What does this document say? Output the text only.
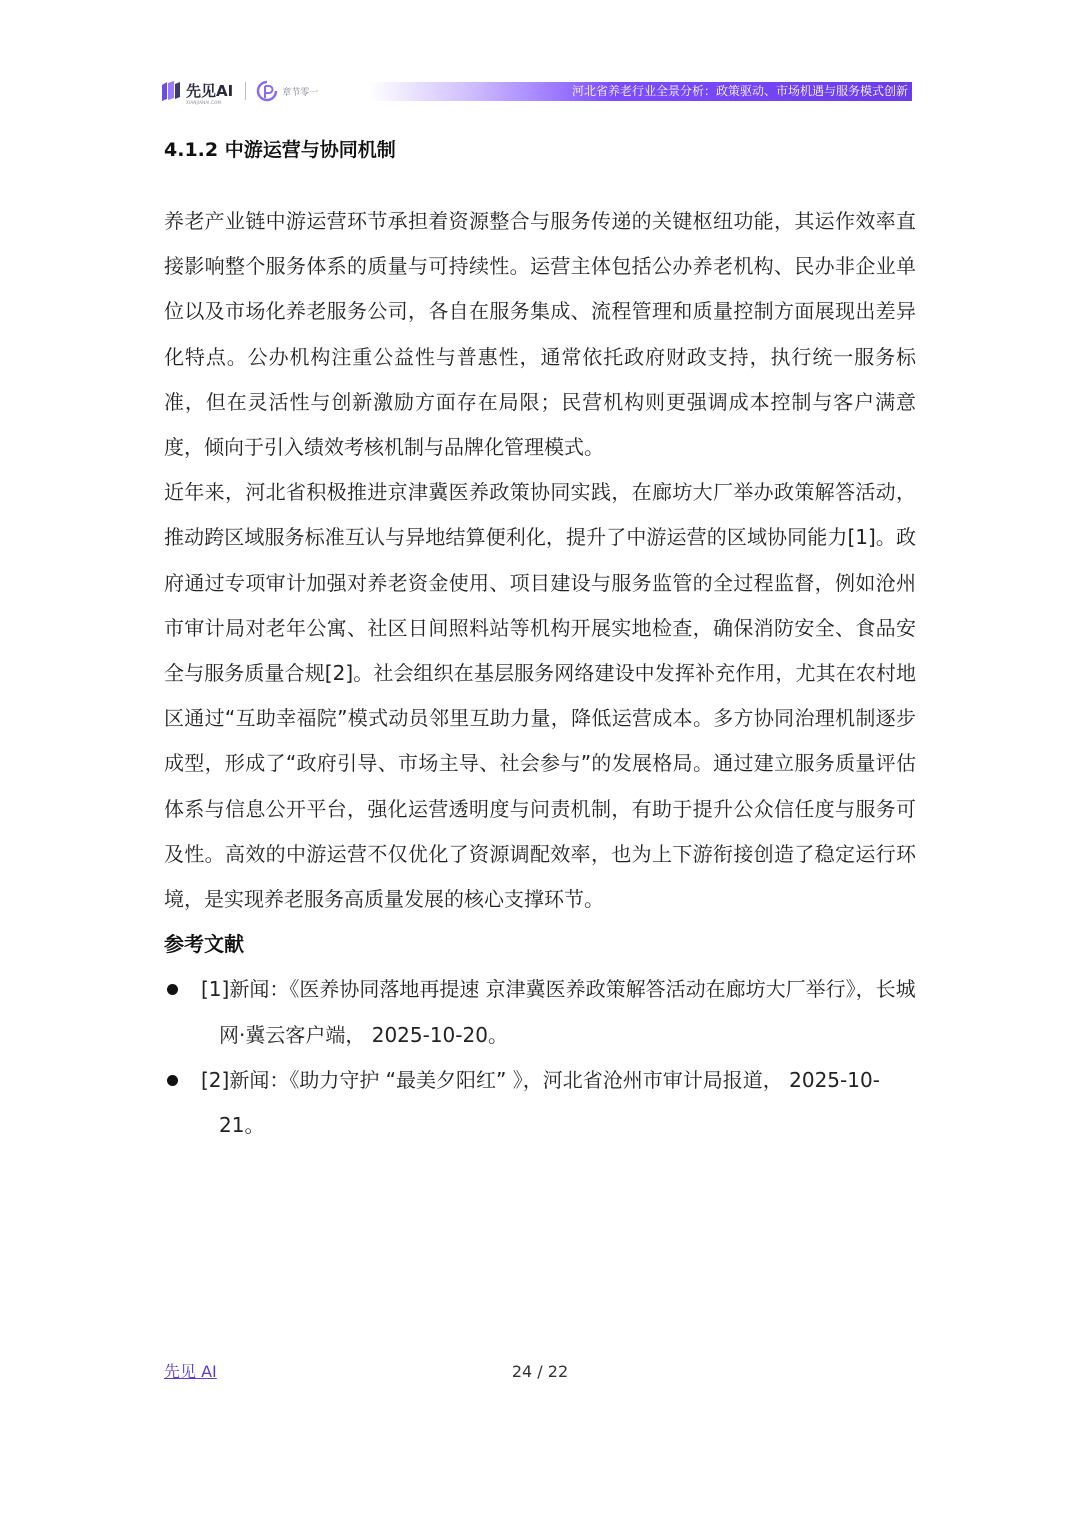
先见AI
XIANJIANAI.COM
章节零一	河北省养老行业全景分析：政策驱动、市场机遇与服务模式创新
4.1.2 中游运营与协同机制

养老产业链中游运营环节承担着资源整合与服务传递的关键枢纽功能，其运作效率直接影响整个服务体系的质量与可持续性。运营主体包括公办养老机构、民办非企业单位以及市场化养老服务公司，各自在服务集成、流程管理和质量控制方面展现出差异化特点。公办机构注重公益性与普惠性，通常依托政府财政支持，执行统一服务标准，但在灵活性与创新激励方面存在局限；民营机构则更强调成本控制与客户满意度，倾向于引入绩效考核机制与品牌化管理模式。

近年来，河北省积极推进京津冀医养政策协同实践，在廊坊大厂举办政策解答活动，推动跨区域服务标准互认与异地结算便利化，提升了中游运营的区域协同能力[1]。政府通过专项审计加强对养老资金使用、项目建设与服务监管的全过程监督，例如沧州市审计局对老年公寓、社区日间照料站等机构开展实地检查，确保消防安全、食品安全与服务质量合规[2]。社会组织在基层服务网络建设中发挥补充作用，尤其在农村地区通过“互助幸福院”模式动员邻里互助力量，降低运营成本。多方协同治理机制逐步成型，形成了“政府引导、市场主导、社会参与”的发展格局。通过建立服务质量评估体系与信息公开平台，强化运营透明度与问责机制，有助于提升公众信任度与服务可及性。高效的中游运营不仅优化了资源调配效率，也为上下游衔接创造了稳定运行环境，是实现养老服务高质量发展的核心支撑环节。

参考文献
[1]新闻：《医养协同落地再提速 京津冀医养政策解答活动在廊坊大厂举行》，长城网·冀云客户端， 2025-10-20。
[2]新闻：《助力守护 “最美夕阳红” 》，河北省沧州市审计局报道， 2025-10-21。
先见 AI	24 / 22
